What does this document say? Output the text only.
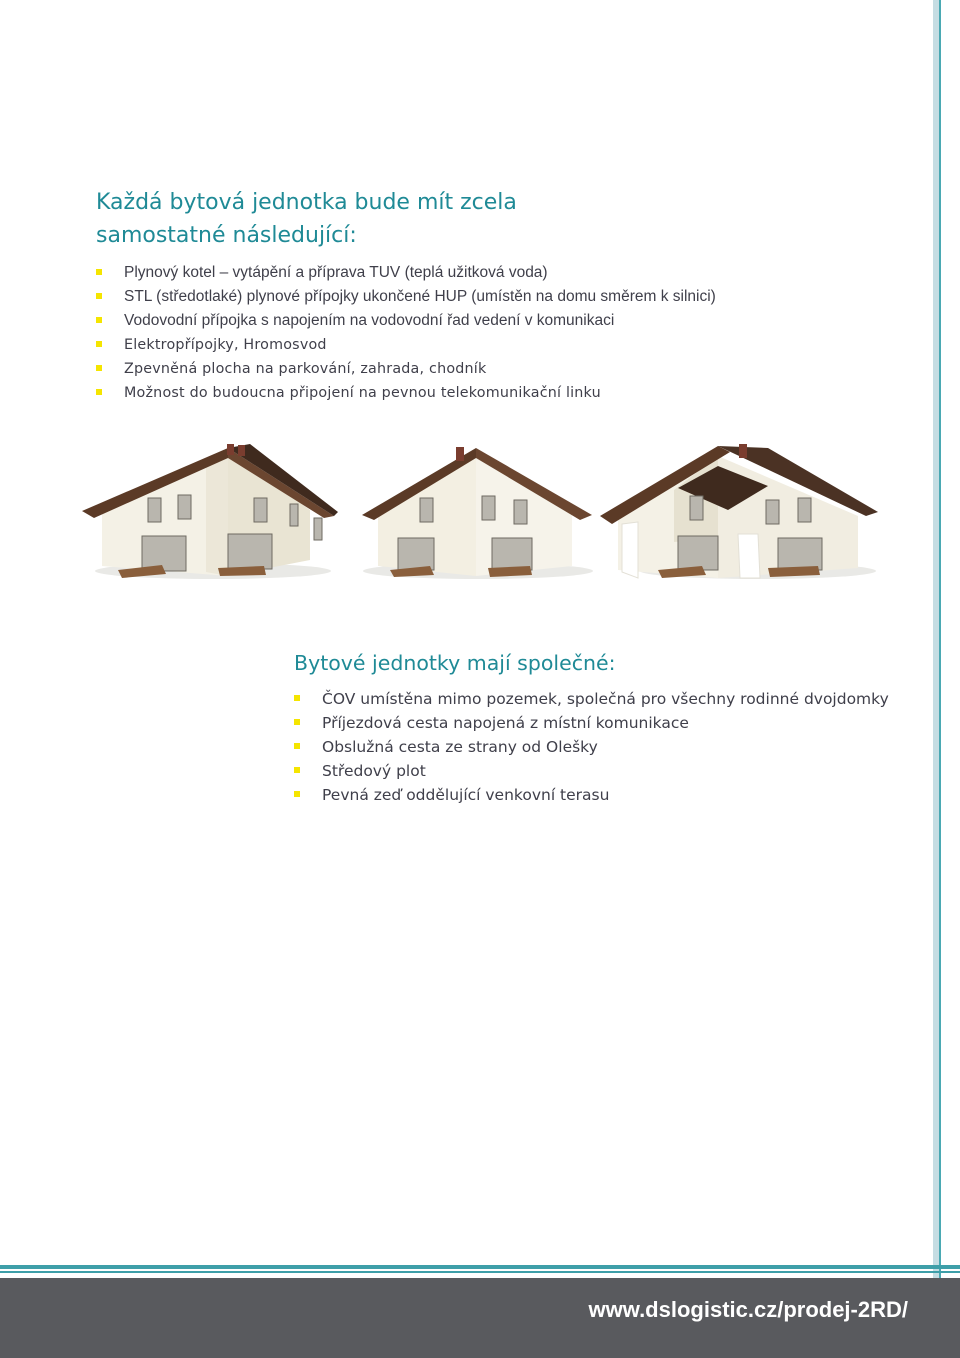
Každá bytová jednotka bude mít zcela
samostatné následující:
Plynový kotel – vytápění a příprava TUV (teplá užitková voda)
STL (středotlaké) plynové přípojky ukončené HUP (umístěn na domu směrem k silnici)
Vodovodní přípojka s napojením na vodovodní řad vedení v komunikaci
Elektropřípojky, Hromosvod
Zpevněná plocha na parkování, zahrada, chodník
Možnost do budoucna připojení na pevnou telekomunikační linku
Bytové jednotky mají společné:
ČOV umístěna mimo pozemek, společná pro všechny rodinné dvojdomky
Příjezdová cesta napojená z místní komunikace
Obslužná cesta ze strany od Olešky
Středový plot
Pevná zeď oddělující venkovní terasu
www.dslogistic.cz/prodej-2RD/
